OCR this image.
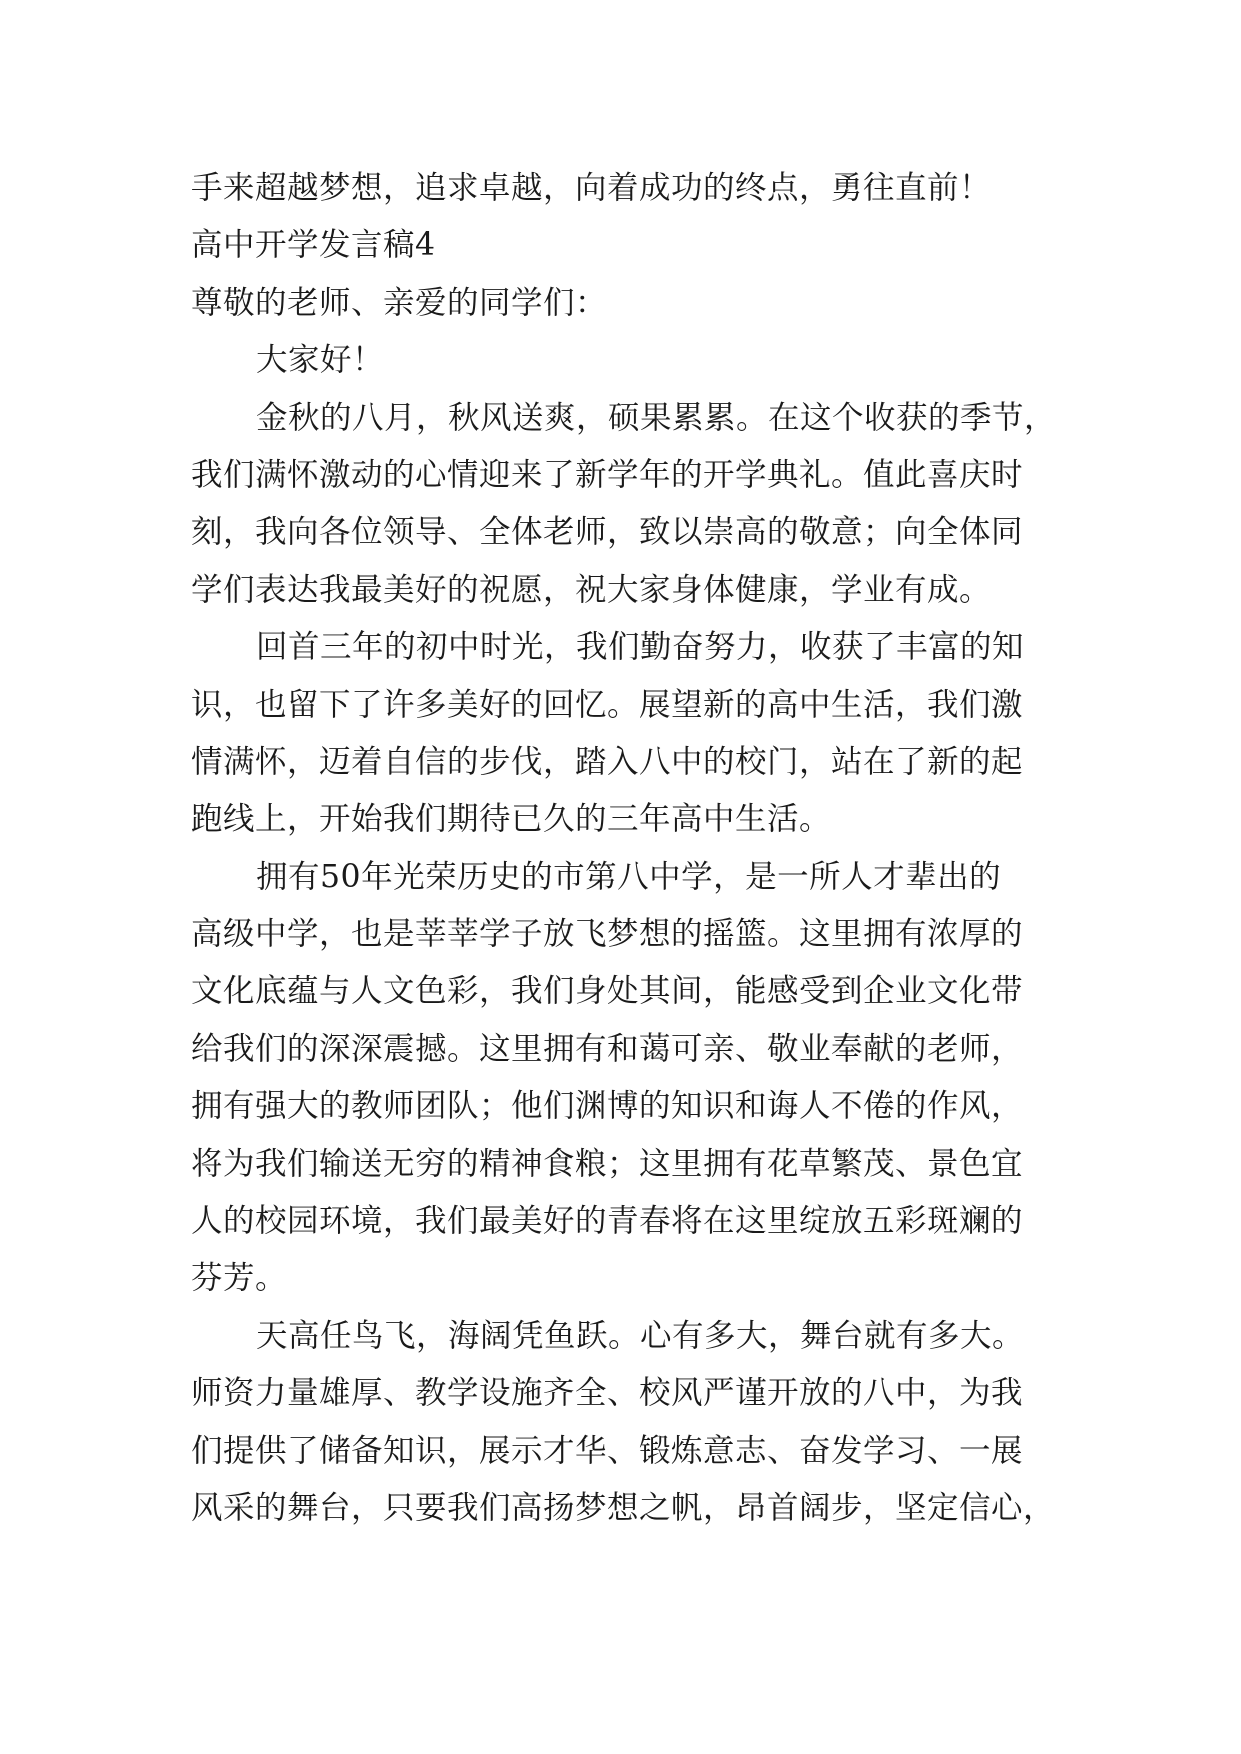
手来超越梦想，追求卓越，向着成功的终点，勇往直前！
高中开学发言稿4
尊敬的老师、亲爱的同学们：
大家好！
金秋的八月，秋风送爽，硕果累累。在这个收获的季节，
我们满怀激动的心情迎来了新学年的开学典礼。值此喜庆时
刻，我向各位领导、全体老师，致以崇高的敬意；向全体同
学们表达我最美好的祝愿，祝大家身体健康，学业有成。
回首三年的初中时光，我们勤奋努力，收获了丰富的知
识，也留下了许多美好的回忆。展望新的高中生活，我们激
情满怀，迈着自信的步伐，踏入八中的校门，站在了新的起
跑线上，开始我们期待已久的三年高中生活。
拥有50年光荣历史的市第八中学，是一所人才辈出的
高级中学，也是莘莘学子放飞梦想的摇篮。这里拥有浓厚的
文化底蕴与人文色彩，我们身处其间，能感受到企业文化带
给我们的深深震撼。这里拥有和蔼可亲、敬业奉献的老师，
拥有强大的教师团队；他们渊博的知识和诲人不倦的作风，
将为我们输送无穷的精神食粮；这里拥有花草繁茂、景色宜
人的校园环境，我们最美好的青春将在这里绽放五彩斑斓的
芬芳。
天高任鸟飞，海阔凭鱼跃。心有多大，舞台就有多大。
师资力量雄厚、教学设施齐全、校风严谨开放的八中，为我
们提供了储备知识，展示才华、锻炼意志、奋发学习、一展
风采的舞台，只要我们高扬梦想之帆，昂首阔步，坚定信心，
